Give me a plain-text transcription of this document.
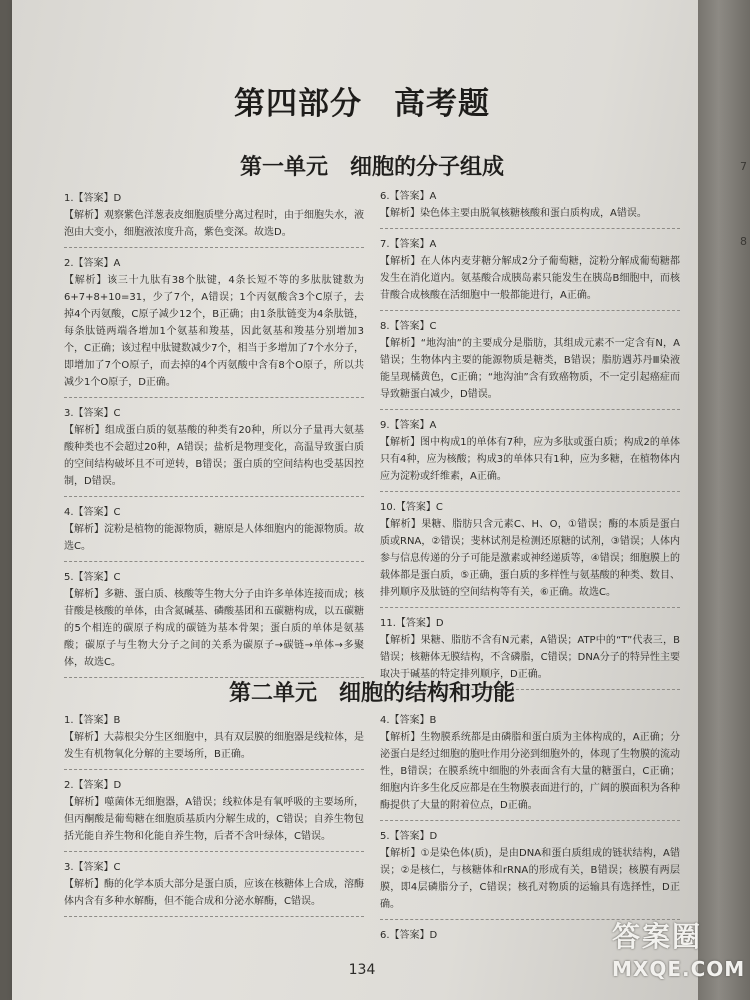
第四部分　高考题
第一单元　细胞的分子组成
1.【答案】D
【解析】观察紫色洋葱表皮细胞质壁分离过程时，由于细胞失水，液泡由大变小，细胞液浓度升高，紫色变深。故选D。
2.【答案】A
【解析】该三十九肽有38个肽键，4条长短不等的多肽肽键数为6+7+8+10=31，少了7个，A错误；1个丙氨酸含3个C原子，去掉4个丙氨酸，C原子减少12个，B正确；由1条肽链变为4条肽链，每条肽链两端各增加1个氨基和羧基，因此氨基和羧基分别增加3个，C正确；该过程中肽键数减少7个，相当于多增加了7个水分子，即增加了7个O原子，而去掉的4个丙氨酸中含有8个O原子，所以共减少1个O原子，D正确。
3.【答案】C
【解析】组成蛋白质的氨基酸的种类有20种，所以分子量再大氨基酸种类也不会超过20种，A错误；盐析是物理变化，高温导致蛋白质的空间结构破坏且不可逆转，B错误；蛋白质的空间结构也受基因控制，D错误。
4.【答案】C
【解析】淀粉是植物的能源物质，糖原是人体细胞内的能源物质。故选C。
5.【答案】C
【解析】多糖、蛋白质、核酸等生物大分子由许多单体连接而成；核苷酸是核酸的单体，由含氮碱基、磷酸基团和五碳糖构成，以五碳糖的5个相连的碳原子构成的碳链为基本骨架；蛋白质的单体是氨基酸；碳原子与生物大分子之间的关系为碳原子→碳链→单体→多聚体，故选C。
6.【答案】A
【解析】染色体主要由脱氧核糖核酸和蛋白质构成，A错误。
7.【答案】A
【解析】在人体内麦芽糖分解成2分子葡萄糖，淀粉分解成葡萄糖都发生在消化道内。氨基酸合成胰岛素只能发生在胰岛B细胞中，而核苷酸合成核酸在活细胞中一般都能进行，A正确。
8.【答案】C
【解析】“地沟油”的主要成分是脂肪，其组成元素不一定含有N，A错误；生物体内主要的能源物质是糖类，B错误；脂肪遇苏丹Ⅲ染液能呈现橘黄色，C正确；“地沟油”含有致癌物质，不一定引起癌症而导致糖蛋白减少，D错误。
9.【答案】A
【解析】图中构成1的单体有7种，应为多肽或蛋白质；构成2的单体只有4种，应为核酸；构成3的单体只有1种，应为多糖，在植物体内应为淀粉或纤维素，A正确。
10.【答案】C
【解析】果糖、脂肪只含元素C、H、O，①错误；酶的本质是蛋白质或RNA，②错误；斐林试剂是检测还原糖的试剂，③错误；人体内参与信息传递的分子可能是激素或神经递质等，④错误；细胞膜上的载体都是蛋白质，⑤正确，蛋白质的多样性与氨基酸的种类、数目、排列顺序及肽链的空间结构等有关，⑥正确。故选C。
11.【答案】D
【解析】果糖、脂肪不含有N元素，A错误；ATP中的“T”代表三，B错误；核糖体无膜结构，不含磷脂，C错误；DNA分子的特异性主要取决于碱基的特定排列顺序，D正确。
第二单元　细胞的结构和功能
1.【答案】B
【解析】大蒜根尖分生区细胞中，具有双层膜的细胞器是线粒体，是发生有机物氧化分解的主要场所，B正确。
2.【答案】D
【解析】噬菌体无细胞器，A错误；线粒体是有氧呼吸的主要场所，但丙酮酸是葡萄糖在细胞质基质内分解生成的，C错误；自养生物包括光能自养生物和化能自养生物，后者不含叶绿体，C错误。
3.【答案】C
【解析】酶的化学本质大部分是蛋白质，应该在核糖体上合成，溶酶体内含有多种水解酶，但不能合成和分泌水解酶，C错误。
4.【答案】B
【解析】生物膜系统都是由磷脂和蛋白质为主体构成的，A正确；分泌蛋白是经过细胞的胞吐作用分泌到细胞外的，体现了生物膜的流动性，B错误；在膜系统中细胞的外表面含有大量的糖蛋白，C正确；细胞内许多生化反应都是在生物膜表面进行的，广阔的膜面积为各种酶提供了大量的附着位点，D正确。
5.【答案】D
【解析】①是染色体(质)，是由DNA和蛋白质组成的链状结构，A错误；②是核仁，与核糖体和rRNA的形成有关，B错误；核膜有两层膜，即4层磷脂分子，C错误；核孔对物质的运输具有选择性，D正确。
6.【答案】D
134
7
8
答案圈
MXQE.COM
